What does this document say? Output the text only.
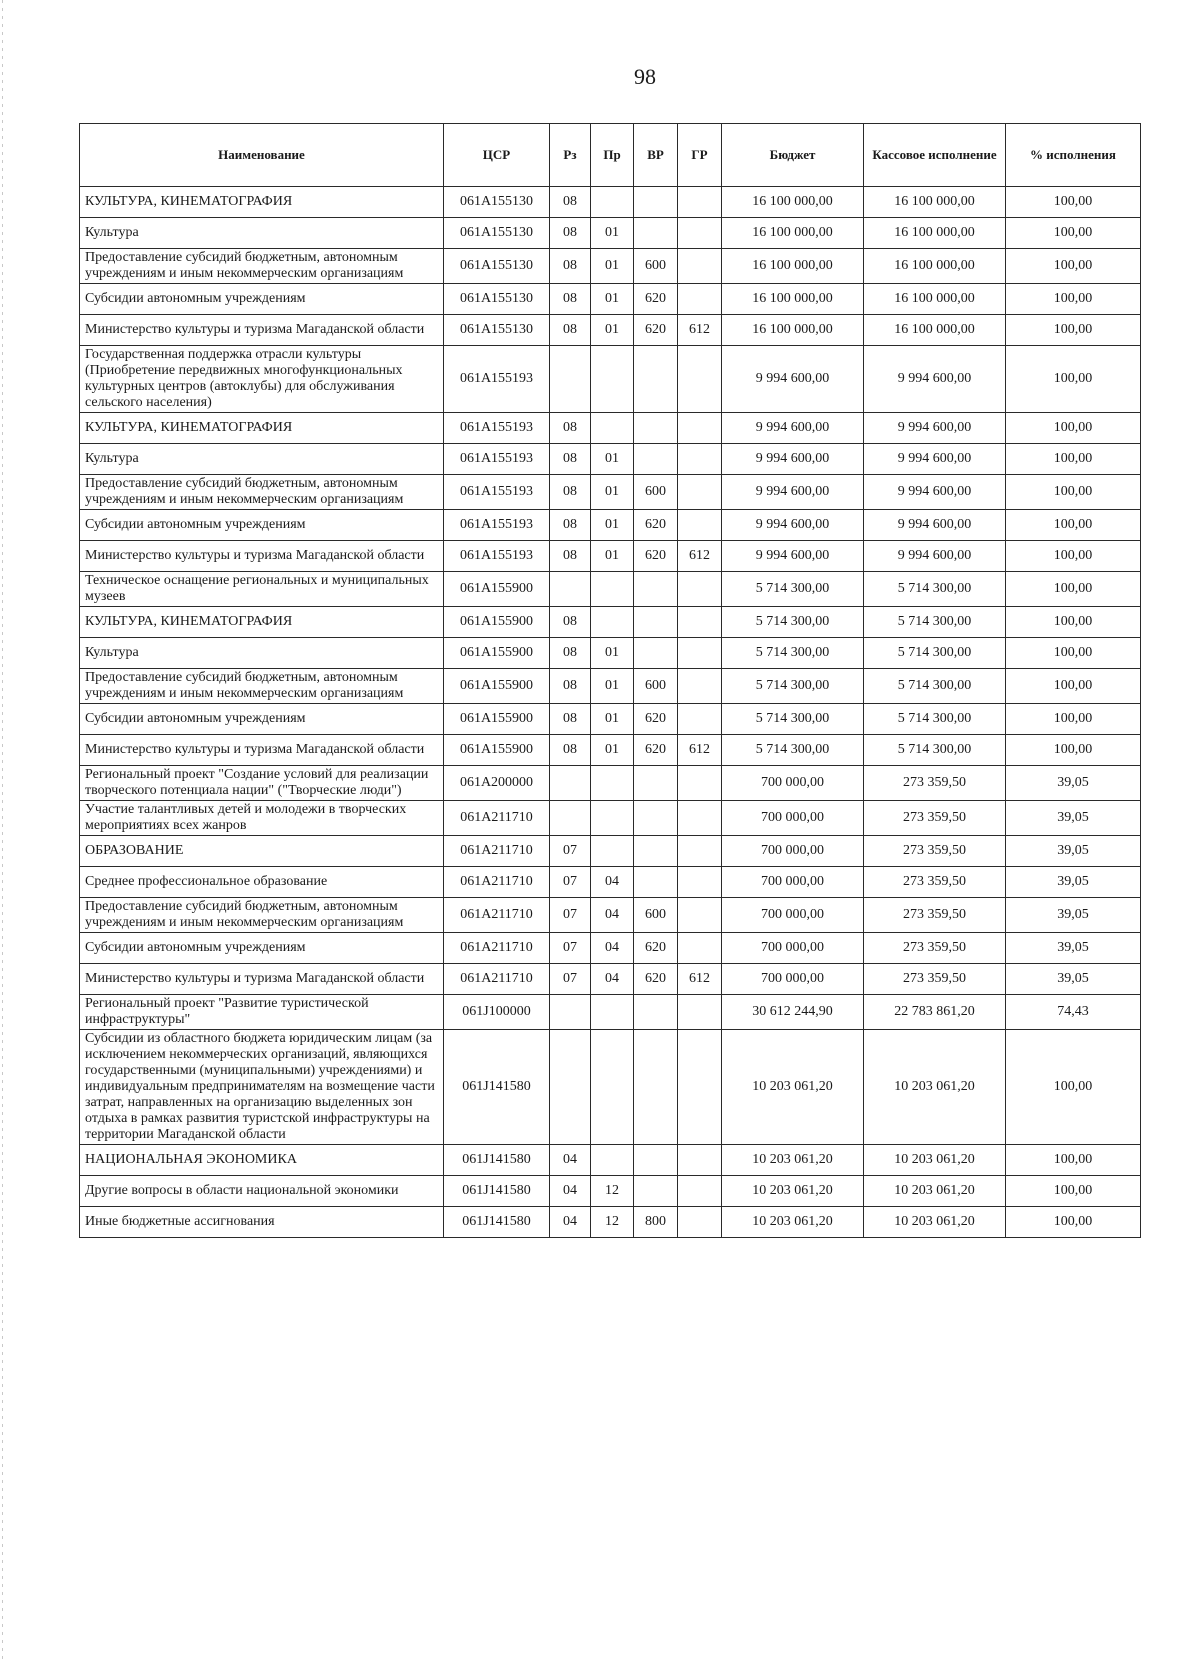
98
Наименование	ЦСР	Рз	Пр	ВР	ГР	Бюджет	Кассовое исполнение	% исполнения
КУЛЬТУРА, КИНЕМАТОГРАФИЯ	061A155130	08				16 100 000,00	16 100 000,00	100,00
Культура	061A155130	08	01			16 100 000,00	16 100 000,00	100,00
Предоставление субсидий бюджетным, автономным учреждениям и иным некоммерческим организациям	061A155130	08	01	600		16 100 000,00	16 100 000,00	100,00
Субсидии автономным учреждениям	061A155130	08	01	620		16 100 000,00	16 100 000,00	100,00
Министерство культуры и туризма Магаданской области	061A155130	08	01	620	612	16 100 000,00	16 100 000,00	100,00
Государственная поддержка отрасли культуры (Приобретение передвижных многофункциональных культурных центров (автоклубы) для обслуживания сельского населения)	061A155193					9 994 600,00	9 994 600,00	100,00
КУЛЬТУРА, КИНЕМАТОГРАФИЯ	061A155193	08				9 994 600,00	9 994 600,00	100,00
Культура	061A155193	08	01			9 994 600,00	9 994 600,00	100,00
Предоставление субсидий бюджетным, автономным учреждениям и иным некоммерческим организациям	061A155193	08	01	600		9 994 600,00	9 994 600,00	100,00
Субсидии автономным учреждениям	061A155193	08	01	620		9 994 600,00	9 994 600,00	100,00
Министерство культуры и туризма Магаданской области	061A155193	08	01	620	612	9 994 600,00	9 994 600,00	100,00
Техническое оснащение региональных и муниципальных музеев	061A155900					5 714 300,00	5 714 300,00	100,00
КУЛЬТУРА, КИНЕМАТОГРАФИЯ	061A155900	08				5 714 300,00	5 714 300,00	100,00
Культура	061A155900	08	01			5 714 300,00	5 714 300,00	100,00
Предоставление субсидий бюджетным, автономным учреждениям и иным некоммерческим организациям	061A155900	08	01	600		5 714 300,00	5 714 300,00	100,00
Субсидии автономным учреждениям	061A155900	08	01	620		5 714 300,00	5 714 300,00	100,00
Министерство культуры и туризма Магаданской области	061A155900	08	01	620	612	5 714 300,00	5 714 300,00	100,00
Региональный проект "Создание условий для реализации творческого потенциала нации" ("Творческие люди")	061A200000					700 000,00	273 359,50	39,05
Участие талантливых детей и молодежи в творческих мероприятиях всех жанров	061A211710					700 000,00	273 359,50	39,05
ОБРАЗОВАНИЕ	061A211710	07				700 000,00	273 359,50	39,05
Среднее профессиональное образование	061A211710	07	04			700 000,00	273 359,50	39,05
Предоставление субсидий бюджетным, автономным учреждениям и иным некоммерческим организациям	061A211710	07	04	600		700 000,00	273 359,50	39,05
Субсидии автономным учреждениям	061A211710	07	04	620		700 000,00	273 359,50	39,05
Министерство культуры и туризма Магаданской области	061A211710	07	04	620	612	700 000,00	273 359,50	39,05
Региональный проект "Развитие туристической инфраструктуры"	061J100000					30 612 244,90	22 783 861,20	74,43
Субсидии из областного бюджета юридическим лицам (за исключением некоммерческих организаций, являющихся государственными (муниципальными) учреждениями) и индивидуальным предпринимателям на возмещение части затрат, направленных на организацию выделенных зон отдыха в рамках развития туристской инфраструктуры на территории Магаданской области	061J141580					10 203 061,20	10 203 061,20	100,00
НАЦИОНАЛЬНАЯ ЭКОНОМИКА	061J141580	04				10 203 061,20	10 203 061,20	100,00
Другие вопросы в области национальной экономики	061J141580	04	12			10 203 061,20	10 203 061,20	100,00
Иные бюджетные ассигнования	061J141580	04	12	800		10 203 061,20	10 203 061,20	100,00
